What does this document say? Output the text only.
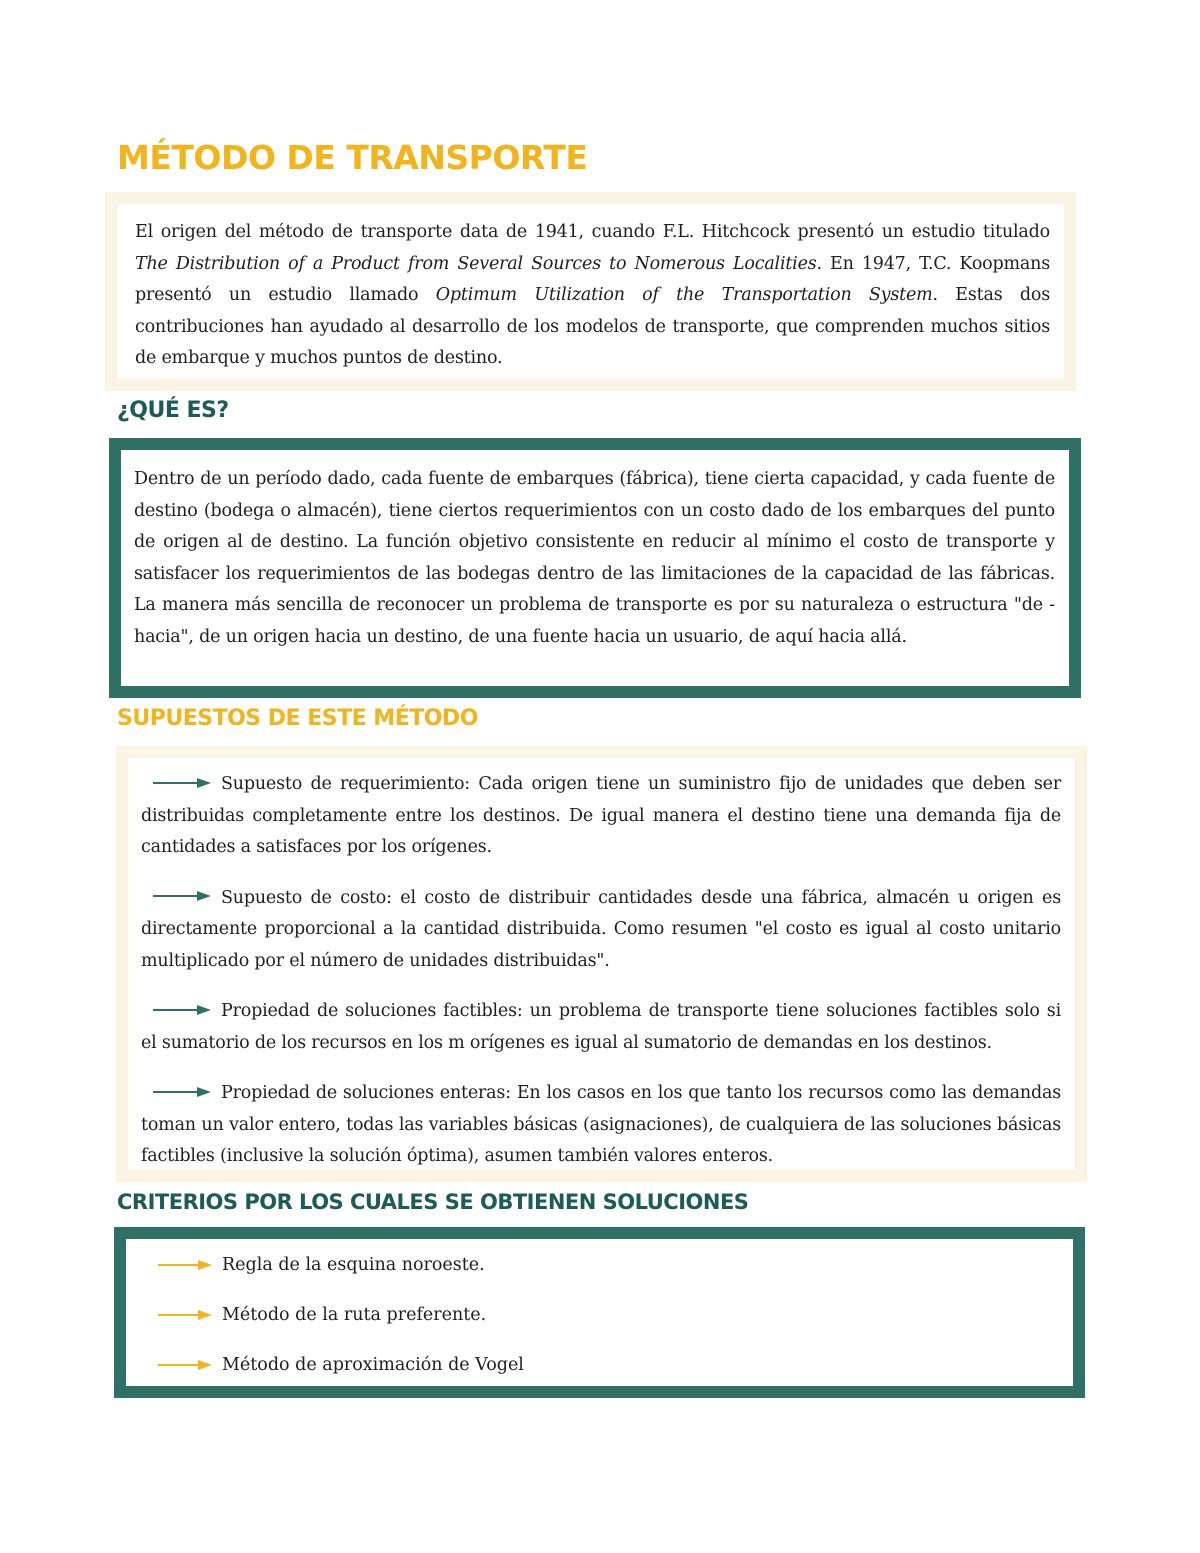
MÉTODO DE TRANSPORTE

El origen del método de transporte data de 1941, cuando F.L. Hitchcock presentó un estudio titulado The Distribution of a Product from Several Sources to Nomerous Localities. En 1947, T.C. Koopmans presentó un estudio llamado Optimum Utilization of the Transportation System. Estas dos contribuciones han ayudado al desarrollo de los modelos de transporte, que comprenden muchos sitios de embarque y muchos puntos de destino.

¿QUÉ ES?

Dentro de un período dado, cada fuente de embarques (fábrica), tiene cierta capacidad, y cada fuente de destino (bodega o almacén), tiene ciertos requerimientos con un costo dado de los embarques del punto de origen al de destino. La función objetivo consistente en reducir al mínimo el costo de transporte y satisfacer los requerimientos de las bodegas dentro de las limitaciones de la capacidad de las fábricas. La manera más sencilla de reconocer un problema de transporte es por su naturaleza o estructura "de - hacia", de un origen hacia un destino, de una fuente hacia un usuario, de aquí hacia allá.

SUPUESTOS DE ESTE MÉTODO

Supuesto de requerimiento: Cada origen tiene un suministro fijo de unidades que deben ser distribuidas completamente entre los destinos. De igual manera el destino tiene una demanda fija de cantidades a satisfaces por los orígenes.

Supuesto de costo: el costo de distribuir cantidades desde una fábrica, almacén u origen es directamente proporcional a la cantidad distribuida. Como resumen "el costo es igual al costo unitario multiplicado por el número de unidades distribuidas".

Propiedad de soluciones factibles: un problema de transporte tiene soluciones factibles solo si el sumatorio de los recursos en los m orígenes es igual al sumatorio de demandas en los destinos.

Propiedad de soluciones enteras: En los casos en los que tanto los recursos como las demandas toman un valor entero, todas las variables básicas (asignaciones), de cualquiera de las soluciones básicas factibles (inclusive la solución óptima), asumen también valores enteros.

CRITERIOS POR LOS CUALES SE OBTIENEN SOLUCIONES
Regla de la esquina noroeste.
Método de la ruta preferente.
Método de aproximación de Vogel
